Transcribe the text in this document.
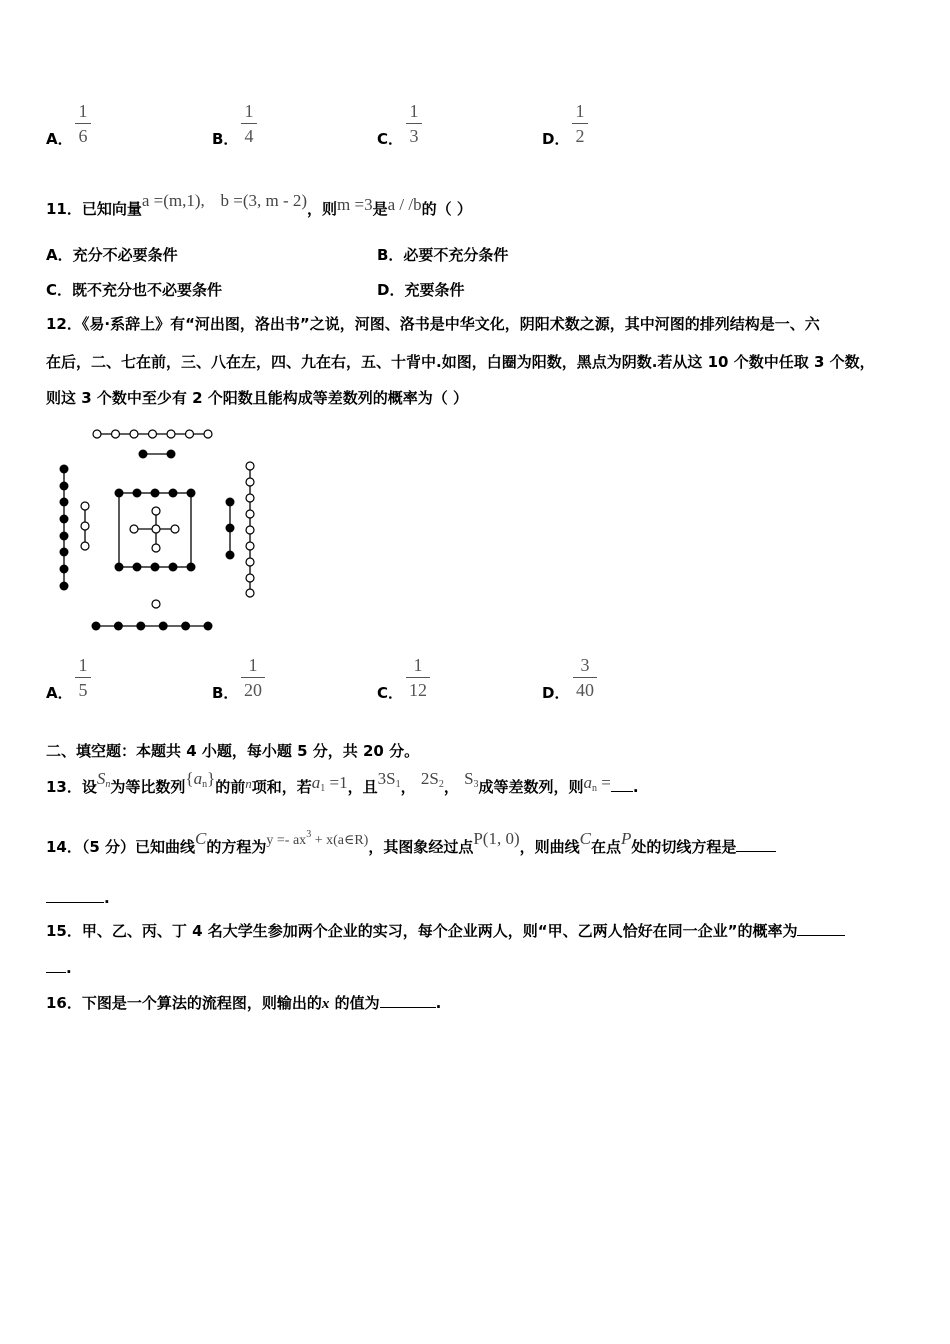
A．
1
6	B．
1
4	C．
1
3	D．
1
2
11．已知向量a =(m,1), b =(3, m - 2)，则m =3是a / /b的（ ）
A．充分不必要条件	B．必要不充分条件
C．既不充分也不必要条件	D．充要条件
12．《易·系辞上》有“河出图，洛出书”之说，河图、洛书是中华文化，阴阳术数之源，其中河图的排列结构是一、六
在后，二、七在前，三、八在左，四、九在右，五、十背中.如图，白圈为阳数，黑点为阴数.若从这 10 个数中任取 3 个数，
则这 3 个数中至少有 2 个阳数且能构成等差数列的概率为（ ）
A．
1
5	B．
1
20	C．
1
12	D．
3
40
二、填空题：本题共 4 小题，每小题 5 分，共 20 分。
13．设$S_n$为等比数列$\{a_n\}$的前n项和，若$a_1 =1$，且$3S_1$， $2S_2$， $S_3$成等差数列，则$a_n$ = .
14．（5 分）已知曲线C的方程为$y =- ax^3$ + x(a∈R)，其图象经过点P(1, 0)，则曲线C在点P处的切线方程是
.
15．甲、乙、丙、丁 4 名大学生参加两个企业的实习，每个企业两人，则“甲、乙两人恰好在同一企业”的概率为
.
16．下图是一个算法的流程图，则输出的x 的值为	.
